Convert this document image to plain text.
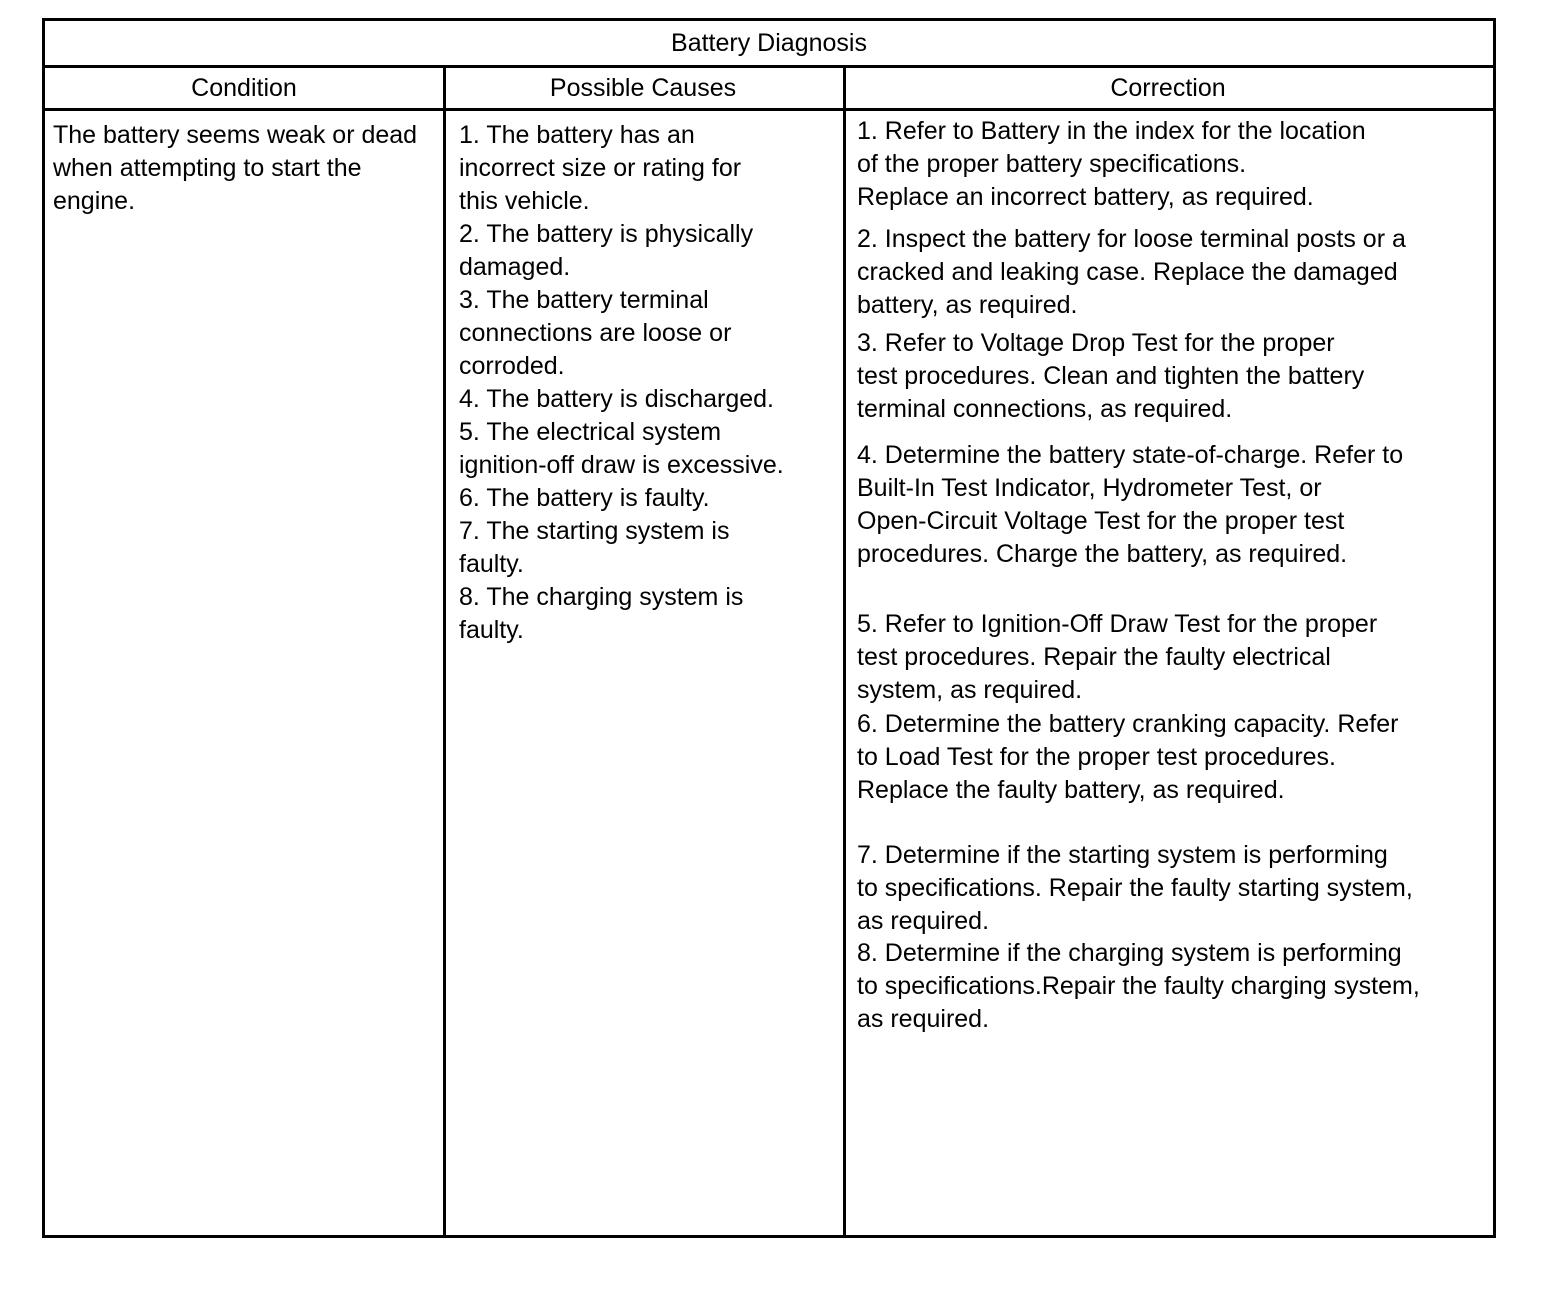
Battery Diagnosis
Condition	Possible Causes	Correction
The battery seems weak or dead when attempting to start the engine.
1. The battery has an
incorrect size or rating for
this vehicle.
2. The battery is physically
damaged.
3. The battery terminal
connections are loose or
corroded.
4. The battery is discharged.
5. The electrical system
ignition-off draw is excessive.
6. The battery is faulty.
7. The starting system is
faulty.
8. The charging system is
faulty.
1. Refer to Battery in the index for the location
of the proper battery specifications.
Replace an incorrect battery, as required.
2. Inspect the battery for loose terminal posts or a
cracked and leaking case. Replace the damaged
battery, as required.
3. Refer to Voltage Drop Test for the proper
test procedures. Clean and tighten the battery
terminal connections, as required.
4. Determine the battery state-of-charge. Refer to
Built-In Test Indicator, Hydrometer Test, or
Open-Circuit Voltage Test for the proper test
procedures. Charge the battery, as required.
5. Refer to Ignition-Off Draw Test for the proper
test procedures. Repair the faulty electrical
system, as required.
6. Determine the battery cranking capacity. Refer
to Load Test for the proper test procedures.
Replace the faulty battery, as required.
7. Determine if the starting system is performing
to specifications. Repair the faulty starting system,
as required.
8. Determine if the charging system is performing
to specifications.Repair the faulty charging system,
as required.
